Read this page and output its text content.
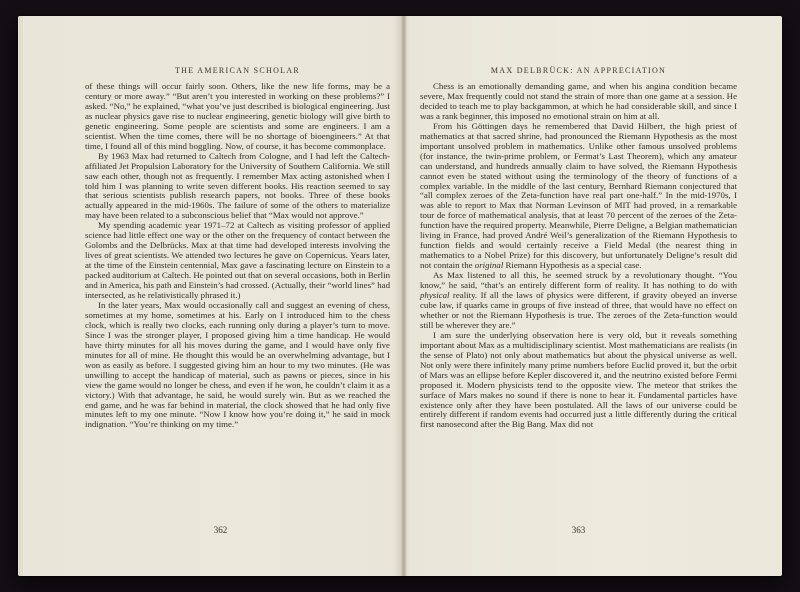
THE AMERICAN SCHOLAR
of these things will occur fairly soon. Others, like the new life forms, may be a century or more away.” “But aren’t you interested in working on these problems?” I asked. “No,” he explained, “what you’ve just described is biological engineering. Just as nuclear physics gave rise to nuclear engineering, genetic biology will give birth to genetic engineering. Some people are scientists and some are engineers. I am a scientist. When the time comes, there will be no shortage of bioengineers.” At that time, I found all of this mind boggling. Now, of course, it has become commonplace.
By 1963 Max had returned to Caltech from Cologne, and I had left the Caltech-affiliated Jet Propulsion Laboratory for the University of Southern California. We still saw each other, though not as frequently. I remember Max acting astonished when I told him I was planning to write seven different books. His reaction seemed to say that serious scientists publish research papers, not books. Three of these books actually appeared in the mid-1960s. The failure of some of the others to materialize may have been related to a subconscious belief that “Max would not approve.”
My spending academic year 1971–72 at Caltech as visiting professor of applied science had little effect one way or the other on the frequency of contact between the Golombs and the Delbrücks. Max at that time had developed interests involving the lives of great scientists. We attended two lectures he gave on Copernicus. Years later, at the time of the Einstein centennial, Max gave a fascinating lecture on Einstein to a packed auditorium at Caltech. He pointed out that on several occasions, both in Berlin and in America, his path and Einstein’s had crossed. (Actually, their “world lines” had intersected, as he relativistically phrased it.)
In the later years, Max would occasionally call and suggest an evening of chess, sometimes at my home, sometimes at his. Early on I introduced him to the chess clock, which is really two clocks, each running only during a player’s turn to move. Since I was the stronger player, I proposed giving him a time handicap. He would have thirty minutes for all his moves during the game, and I would have only five minutes for all of mine. He thought this would be an overwhelming advantage, but I won as easily as before. I suggested giving him an hour to my two minutes. (He was unwilling to accept the handicap of material, such as pawns or pieces, since in his view the game would no longer be chess, and even if he won, he couldn’t claim it as a victory.) With that advantage, he said, he would surely win. But as we reached the end game, and he was far behind in material, the clock showed that he had only five minutes left to my one minute. “Now I know how you’re doing it,” he said in mock indignation. “You’re thinking on my time.”
362
MAX DELBRÜCK: AN APPRECIATION
Chess is an emotionally demanding game, and when his angina condition became severe, Max frequently could not stand the strain of more than one game at a session. He decided to teach me to play backgammon, at which he had considerable skill, and since I was a rank beginner, this imposed no emotional strain on him at all.
From his Göttingen days he remembered that David Hilbert, the high priest of mathematics at that sacred shrine, had pronounced the Riemann Hypothesis as the most important unsolved problem in mathematics. Unlike other famous unsolved problems (for instance, the twin-prime problem, or Fermat’s Last Theorem), which any amateur can understand, and hundreds annually claim to have solved, the Riemann Hypothesis cannot even be stated without using the terminology of the theory of functions of a complex variable. In the middle of the last century, Bernhard Riemann conjectured that “all complex zeroes of the Zeta-function have real part one-half.” In the mid-1970s, I was able to report to Max that Norman Levinson of MIT had proved, in a remarkable tour de force of mathematical analysis, that at least 70 percent of the zeroes of the Zeta-function have the required property. Meanwhile, Pierre Deligne, a Belgian mathematician living in France, had proved André Weil’s generalization of the Riemann Hypothesis to function fields and would certainly receive a Field Medal (the nearest thing in mathematics to a Nobel Prize) for this discovery, but unfortunately Deligne’s result did not contain the original Riemann Hypothesis as a special case.
As Max listened to all this, he seemed struck by a revolutionary thought. “You know,” he said, “that’s an entirely different form of reality. It has nothing to do with physical reality. If all the laws of physics were different, if gravity obeyed an inverse cube law, if quarks came in groups of five instead of three, that would have no effect on whether or not the Riemann Hypothesis is true. The zeroes of the Zeta-function would still be wherever they are.”
I am sure the underlying observation here is very old, but it reveals something important about Max as a multidisciplinary scientist. Most mathematicians are realists (in the sense of Plato) not only about mathematics but about the physical universe as well. Not only were there infinitely many prime numbers before Euclid proved it, but the orbit of Mars was an ellipse before Kepler discovered it, and the neutrino existed before Fermi proposed it. Modern physicists tend to the opposite view. The meteor that strikes the surface of Mars makes no sound if there is none to hear it. Fundamental particles have existence only after they have been postulated. All the laws of our universe could be entirely different if random events had occurred just a little differently during the critical first nanosecond after the Big Bang. Max did not
363
